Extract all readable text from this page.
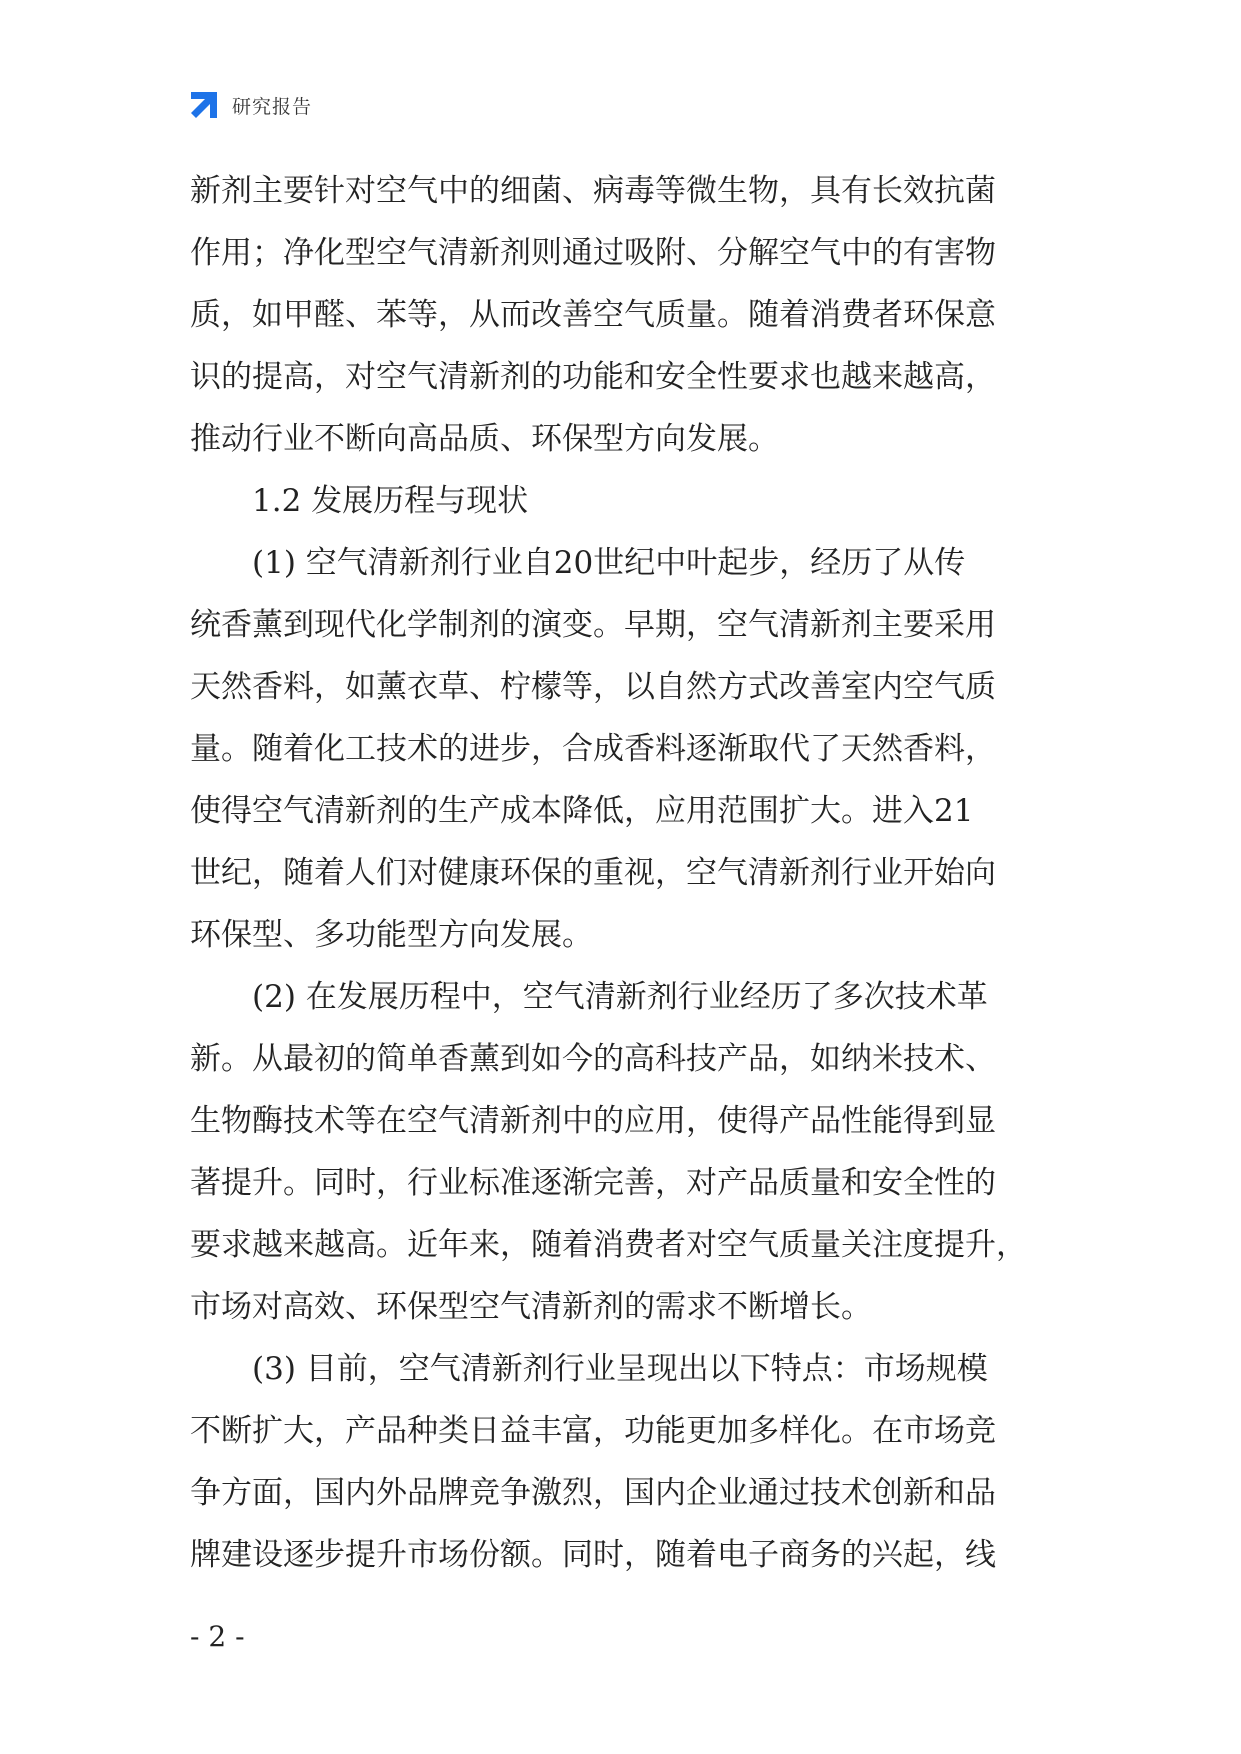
研究报告
新剂主要针对空气中的细菌、病毒等微生物，具有长效抗菌
作用；净化型空气清新剂则通过吸附、分解空气中的有害物
质，如甲醛、苯等，从而改善空气质量。随着消费者环保意
识的提高，对空气清新剂的功能和安全性要求也越来越高，
推动行业不断向高品质、环保型方向发展。
　　1.2 发展历程与现状
　　(1) 空气清新剂行业自20世纪中叶起步，经历了从传
统香薰到现代化学制剂的演变。早期，空气清新剂主要采用
天然香料，如薰衣草、柠檬等，以自然方式改善室内空气质
量。随着化工技术的进步，合成香料逐渐取代了天然香料，
使得空气清新剂的生产成本降低，应用范围扩大。进入21
世纪，随着人们对健康环保的重视，空气清新剂行业开始向
环保型、多功能型方向发展。
　　(2) 在发展历程中，空气清新剂行业经历了多次技术革
新。从最初的简单香薰到如今的高科技产品，如纳米技术、
生物酶技术等在空气清新剂中的应用，使得产品性能得到显
著提升。同时，行业标准逐渐完善，对产品质量和安全性的
要求越来越高。近年来，随着消费者对空气质量关注度提升，
市场对高效、环保型空气清新剂的需求不断增长。
　　(3) 目前，空气清新剂行业呈现出以下特点：市场规模
不断扩大，产品种类日益丰富，功能更加多样化。在市场竞
争方面，国内外品牌竞争激烈，国内企业通过技术创新和品
牌建设逐步提升市场份额。同时，随着电子商务的兴起，线
- 2 -
